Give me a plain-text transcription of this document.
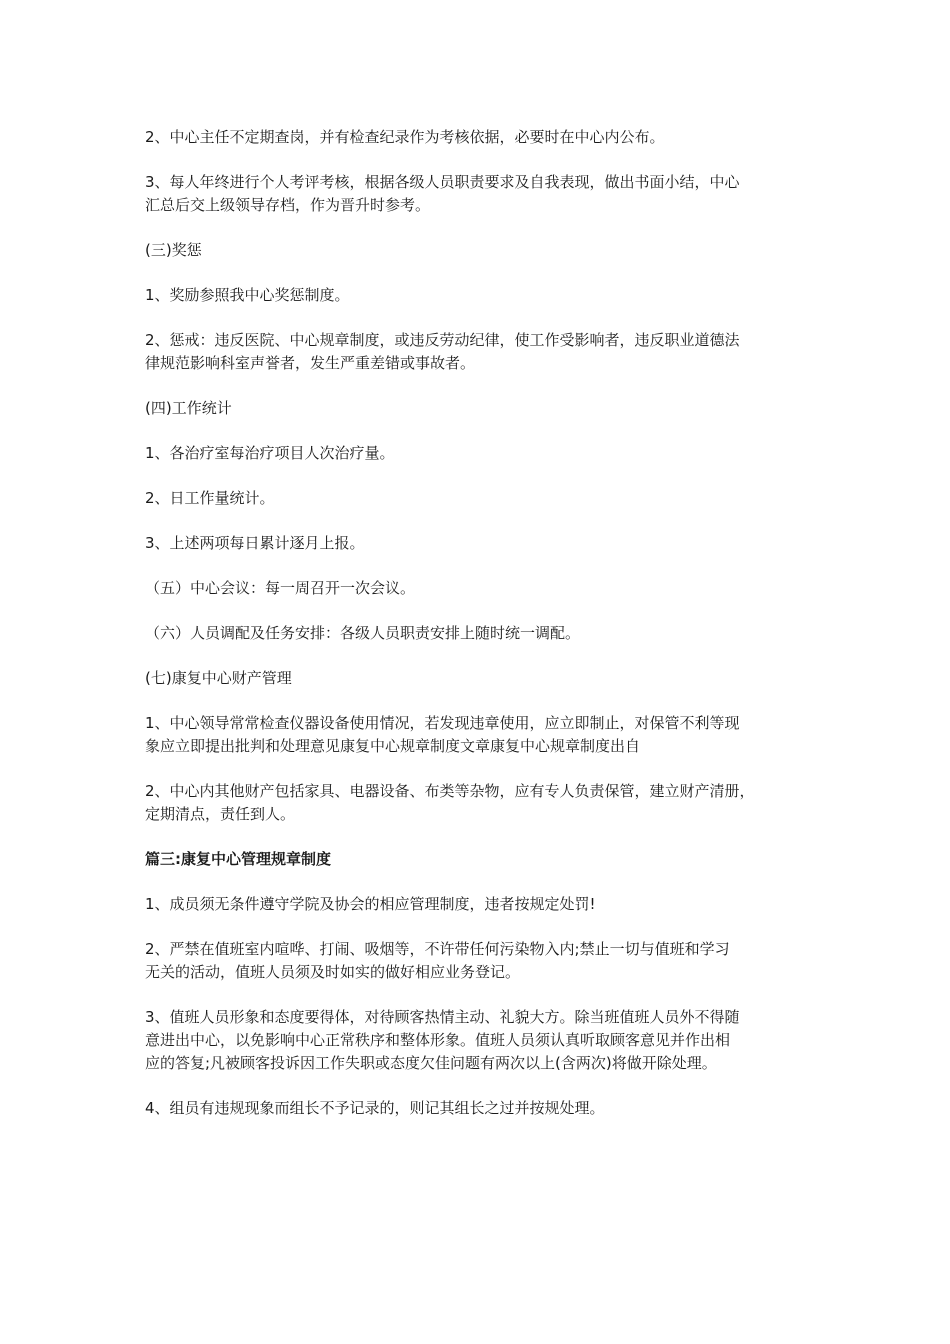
2、中心主任不定期查岗，并有检查纪录作为考核依据，必要时在中心内公布。

3、每人年终进行个人考评考核，根据各级人员职责要求及自我表现，做出书面小结，中心
汇总后交上级领导存档，作为晋升时参考。

(三)奖惩

1、奖励参照我中心奖惩制度。

2、惩戒：违反医院、中心规章制度，或违反劳动纪律，使工作受影响者，违反职业道德法
律规范影响科室声誉者，发生严重差错或事故者。

(四)工作统计

1、各治疗室每治疗项目人次治疗量。

2、日工作量统计。

3、上述两项每日累计逐月上报。

（五）中心会议：每一周召开一次会议。

（六）人员调配及任务安排：各级人员职责安排上随时统一调配。

(七)康复中心财产管理

1、中心领导常常检查仪器设备使用情况，若发现违章使用，应立即制止，对保管不利等现
象应立即提出批判和处理意见康复中心规章制度文章康复中心规章制度出自

2、中心内其他财产包括家具、电器设备、布类等杂物，应有专人负责保管，建立财产清册，
定期清点，责任到人。

篇三:康复中心管理规章制度

1、成员须无条件遵守学院及协会的相应管理制度，违者按规定处罚!

2、严禁在值班室内喧哗、打闹、吸烟等，不许带任何污染物入内;禁止一切与值班和学习
无关的活动，值班人员须及时如实的做好相应业务登记。

3、值班人员形象和态度要得体，对待顾客热情主动、礼貌大方。除当班值班人员外不得随
意进出中心，以免影响中心正常秩序和整体形象。值班人员须认真听取顾客意见并作出相
应的答复;凡被顾客投诉因工作失职或态度欠佳问题有两次以上(含两次)将做开除处理。

4、组员有违规现象而组长不予记录的，则记其组长之过并按规处理。
